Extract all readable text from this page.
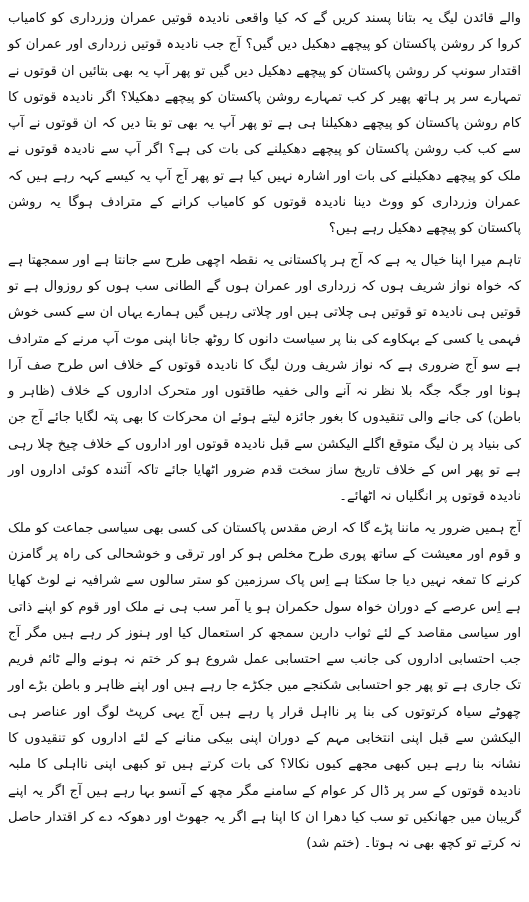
والے قائدن لیگ یہ بتانا پسند کریں گے کہ کیا واقعی نادیدہ قوتیں عمران وزرداری کو کامیاب کروا کر روشن پاکستان کو پیچھے دھکیل دیں گیں؟ آج جب نادیدہ قوتیں زرداری اور عمران کو اقتدار سونپ کر روشن پاکستان کو پیچھے دھکیل دیں گیں تو پھر آپ یہ بھی بتائیں ان قوتوں نے تمہارے سر پر ہاتھ پھیر کر کب تمہارے روشن پاکستان کو پیچھے دھکیلا؟ اگر نادیدہ قوتوں کا کام روشن پاکستان کو پیچھے دھکیلنا ہی ہے تو پھر آپ یہ بھی تو بتا دیں کہ ان قوتوں نے آپ سے کب کب روشن پاکستان کو پیچھے دھکیلنے کی بات کی ہے؟ اگر آپ سے نادیدہ قوتوں نے ملک کو پیچھے دھکیلنے کی بات اور اشارہ نہیں کیا ہے تو پھر آج آپ یہ کیسے کہہ رہے ہیں کہ عمران وزرداری کو ووٹ دینا نادیدہ قوتوں کو کامیاب کرانے کے مترادف ہوگا یہ روشن پاکستان کو پیچھے دھکیل رہے ہیں؟

تاہم میرا اپنا خیال یہ ہے کہ آج ہر پاکستانی یہ نقطہ اچھی طرح سے جانتا ہے اور سمجھتا ہے کہ خواہ نواز شریف ہوں کہ زرداری اور عمران ہوں گے الطانی سب ہوں کو روزوال ہے تو قوتیں ہی نادیدہ تو قوتیں ہی چلاتی ہیں اور چلاتی رہیں گیں ہمارے یہاں ان سے کسی خوش فہمی یا کسی کے بہکاوے کی بنا پر سیاست دانوں کا روٹھ جانا اپنی موت آپ مرنے کے مترادف ہے سو آج ضروری ہے کہ نواز شریف ورن لیگ کا نادیدہ قوتوں کے خلاف اس طرح صف آرا ہونا اور جگہ جگہ بلا نظر نہ آنے والی خفیہ طاقتوں اور متحرک اداروں کے خلاف (ظاہر و باطن) کی جانے والی تنقیدوں کا بغور جائزہ لیتے ہوئے ان محرکات کا بھی پتہ لگایا جائے آج جن کی بنیاد پر ن لیگ متوقع اگلے الیکشن سے قبل نادیدہ قوتوں اور اداروں کے خلاف چیخ چلا رہی ہے تو پھر اس کے خلاف تاریخ ساز سخت قدم ضرور اٹھایا جائے تاکہ آئندہ کوئی اداروں اور نادیدہ قوتوں پر انگلیاں نہ اٹھائے۔

آج ہمیں ضرور یہ ماننا پڑے گا کہ ارض مقدس پاکستان کی کسی بھی سیاسی جماعت کو ملک و قوم اور معیشت کے ساتھ پوری طرح مخلص ہو کر اور ترقی و خوشحالی کی راہ پر گامزن کرنے کا تمغہ نہیں دیا جا سکتا ہے اِس پاک سرزمین کو ستر سالوں سے شرافیہ نے لوٹ کھایا ہے اِس عرصے کے دوران خواہ سول حکمران ہو یا آمر سب ہی نے ملک اور قوم کو اپنے ذاتی اور سیاسی مقاصد کے لئے ثواب دارین سمجھ کر استعمال کیا اور ہنوز کر رہے ہیں مگر آج جب احتسابی اداروں کی جانب سے احتسابی عمل شروع ہو کر ختم نہ ہونے والے ٹائم فریم تک جاری ہے تو پھر جو احتسابی شکنجے میں جکڑے جا رہے ہیں اور اپنے ظاہر و باطن بڑے اور چھوٹے سیاہ کرتوتوں کی بنا پر نااہل قرار پا رہے ہیں آج یہی کرپٹ لوگ اور عناصر ہی الیکشن سے قبل اپنی انتخابی مہم کے دوران اپنی بیکی منانے کے لئے اداروں کو تنقیدوں کا نشانہ بنا رہے ہیں کبھی مجھے کیوں نکالا؟ کی بات کرتے ہیں تو کبھی اپنی نااہلی کا ملبہ نادیدہ قوتوں کے سر پر ڈال کر عوام کے سامنے مگر مچھ کے آنسو بہا رہے ہیں آج اگر یہ اپنے گریبان میں جھانکیں تو سب کیا دھرا ان کا اپنا ہے اگر یہ جھوٹ اور دھوکہ دے کر اقتدار حاصل نہ کرتے تو کچھ بھی نہ ہوتا۔ (ختم شد)
